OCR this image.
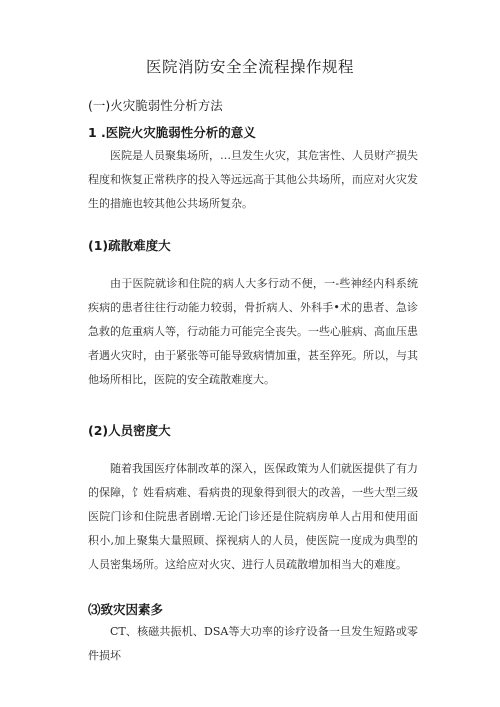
医院消防安全全流程操作规程
(一)火灾脆弱性分析方法
1 .医院火灾脆弱性分析的意义

医院是人员聚集场所，…旦发生火灾，其危害性、人员财产损失程度和恢复正常秩序的投入等远远高于其他公共场所，而应对火灾发生的措施也较其他公共场所复杂。

(1)疏散难度大

由于医院就诊和住院的病人大多行动不便，一-些神经内科系统疾病的患者往往行动能力较弱，骨折病人、外科手•术的患者、急诊急救的危重病人等，行动能力可能完全丧失。一些心脏病、高血压患者遇火灾时，由于紧张等可能导致病情加重，甚至猝死。所以，与其他场所相比，医院的安全疏散难度大。

(2)人员密度大

随着我国医疗体制改革的深入，医保政策为人们就医提供了有力的保障，饣姓看病难、看病贵的现象得到很大的改善，一些大型三级医院门诊和住院患者剧增.无论门诊还是住院病房单人占用和使用面积小,加上聚集大量照顾、探视病人的人员，使医院一度成为典型的人员密集场所。这给应对火灾、进行人员疏散增加相当大的难度。

⑶致灾因素多

CT、核磁共振机、DSA等大功率的诊疗设备一旦发生短路或零件损坏
